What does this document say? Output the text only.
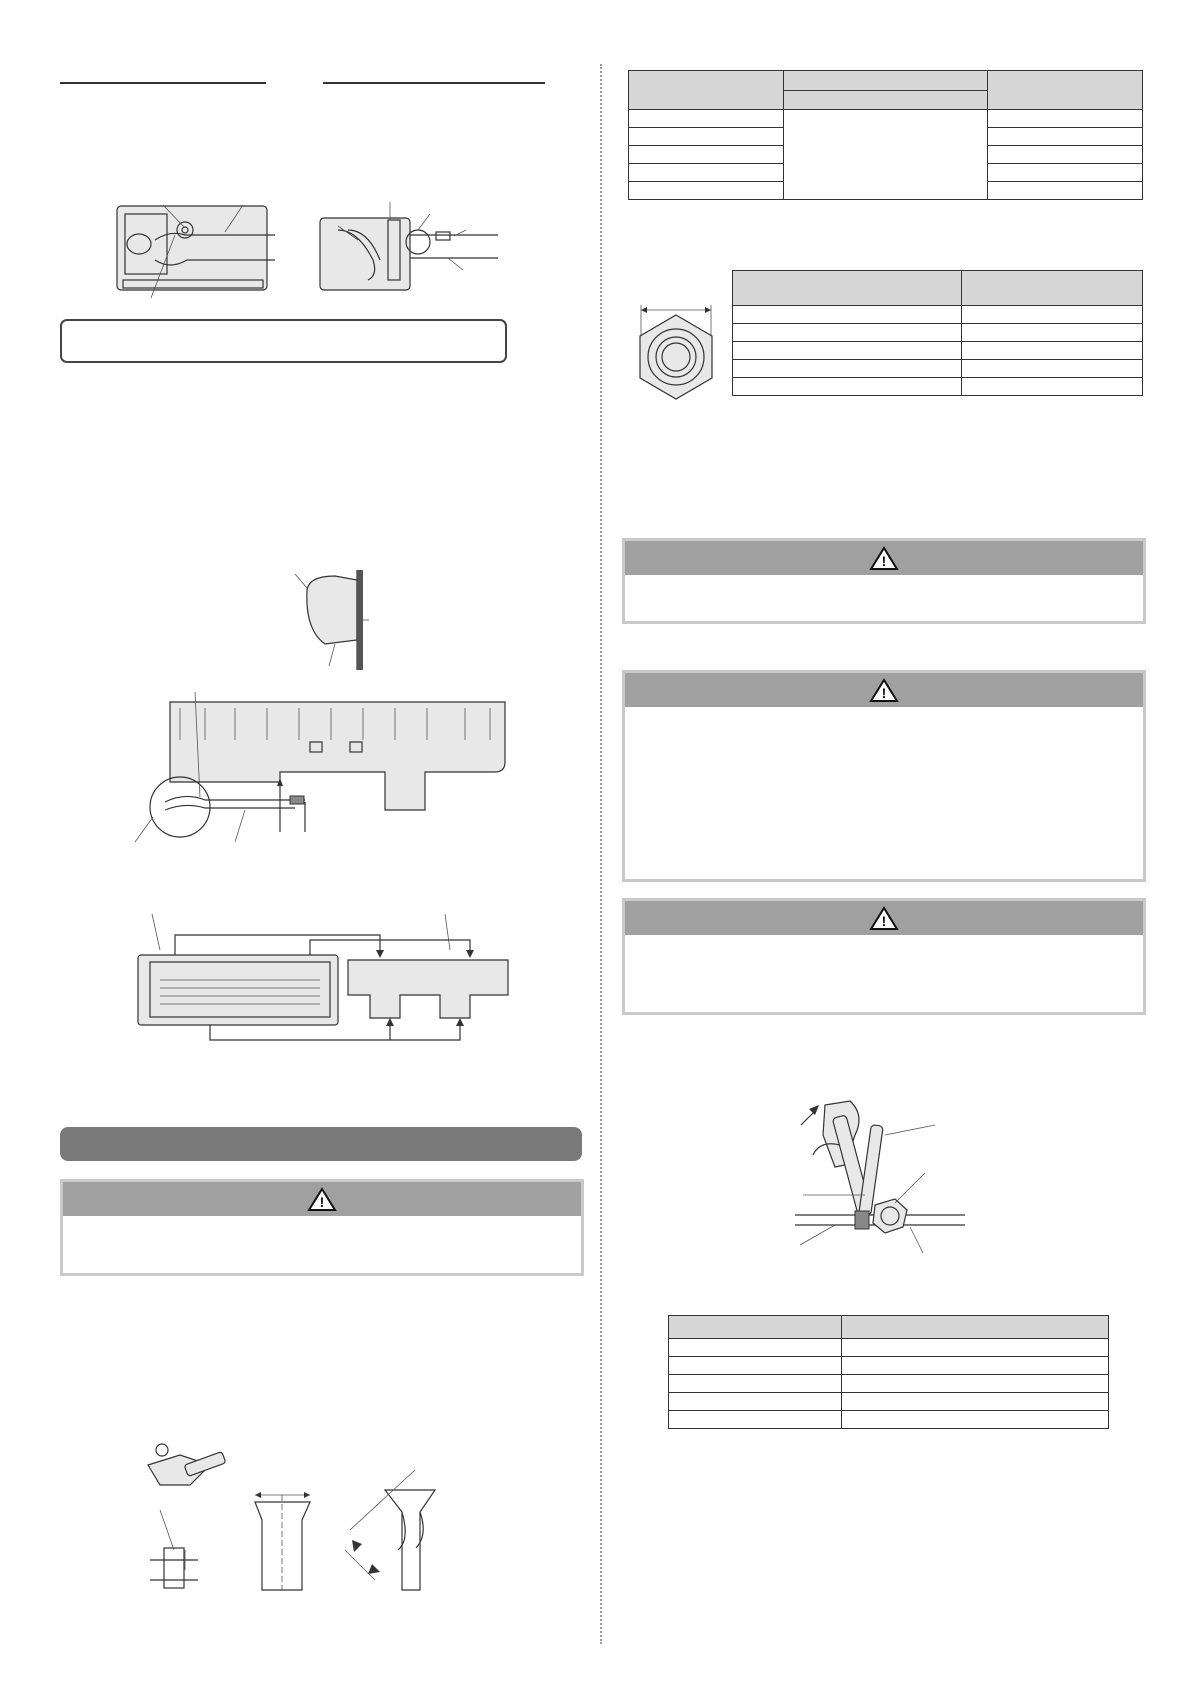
!

!
!
!
